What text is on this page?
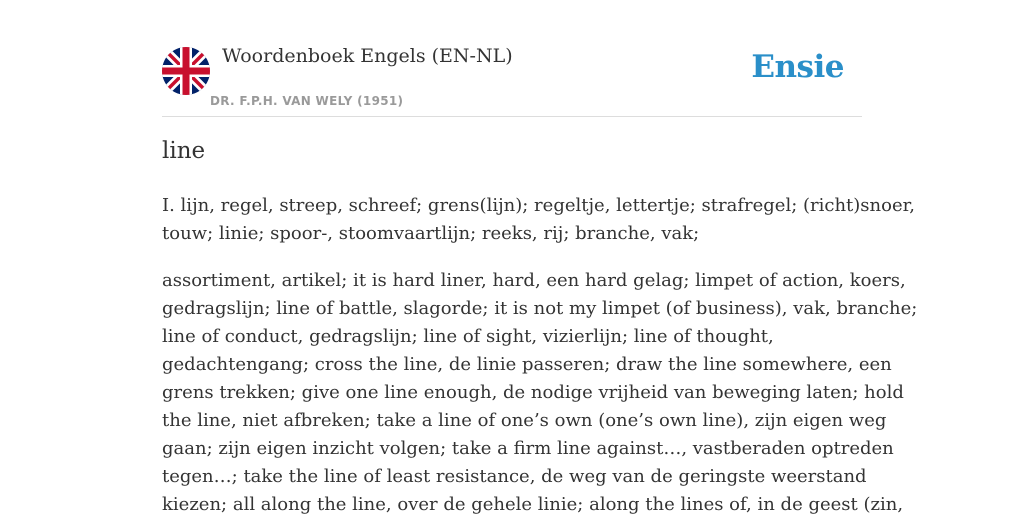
Woordenboek Engels (EN-NL)
DR. F.P.H. VAN WELY (1951)
Ensie
line

I. lijn, regel, streep, schreef; grens(lijn); regeltje, lettertje; strafregel; (richt)snoer,
touw; linie; spoor-, stoomvaartlijn; reeks, rij; branche, vak;

assortiment, artikel; it is hard liner, hard, een hard gelag; limpet of action, koers,
gedragslijn; line of battle, slagorde; it is not my limpet (of business), vak, branche;
line of conduct, gedragslijn; line of sight, vizierlijn; line of thought,
gedachtengang; cross the line, de linie passeren; draw the line somewhere, een
grens trekken; give one line enough, de nodige vrijheid van beweging laten; hold
the line, niet afbreken; take a line of one’s own (one’s own line), zijn eigen weg
gaan; zijn eigen inzicht volgen; take a firm line against…, vastberaden optreden
tegen…; take the line of least resistance, de weg van de geringste weerstand
kiezen; all along the line, over de gehele linie; along the lines of, in de geest (zin,
